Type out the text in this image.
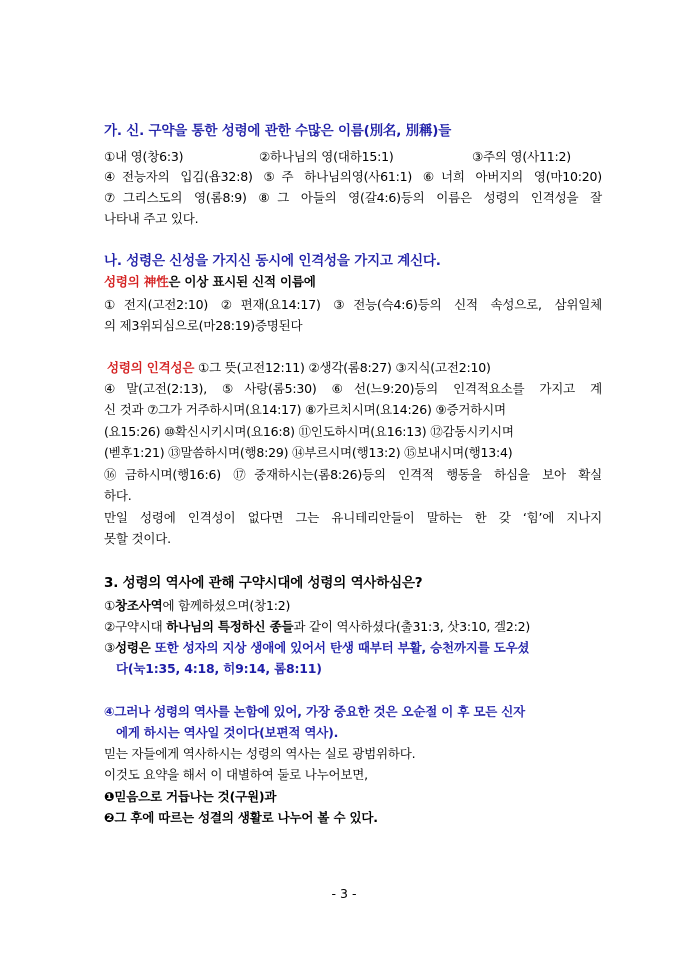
가. 신. 구약을 통한 성령에 관한 수많은 이름(別名, 別稱)들
①내 영(창6:3)	②하나님의 영(대하15:1)	③주의 영(사11:2)
④전능자의 입김(욥32:8) ⑤주 하나님의영(사61:1) ⑥너희 아버지의 영(마10:20)
⑦그리스도의 영(롬8:9) ⑧그 아들의 영(갈4:6)등의 이름은 성령의 인격성을 잘
나타내 주고 있다.
나. 성령은 신성을 가지신 동시에 인격성을 가지고 계신다.
성령의 神性은 이상 표시된 신적 이름에
①전지(고전2:10) ②편재(요14:17) ③전능(슥4:6)등의 신적 속성으로, 삼위일체
의 제3위되심으로(마28:19)증명된다
성령의 인격성은 ①그 뜻(고전12:11) ②생각(롬8:27) ③지식(고전2:10)
④말(고전(2:13), ⑤사랑(롬5:30) ⑥선(느9:20)등의 인격적요소를 가지고 계
신 것과 ⑦그가 거주하시며(요14:17) ⑧가르치시며(요14:26) ⑨증거하시며
(요15:26) ⑩확신시키시며(요16:8) ⑪인도하시며(요16:13) ⑫감동시키시며
(벧후1:21) ⑬말씀하시며(행8:29) ⑭부르시며(행13:2) ⑮보내시며(행13:4)
⑯금하시며(행16:6) ⑰중재하시는(롬8:26)등의 인격적 행동을 하심을 보아 확실
하다.
만일 성령에 인격성이 없다면 그는 유니테리안들이 말하는 한 갖 ‘힘’에 지나지
못할 것이다.
3. 성령의 역사에 관해 구약시대에 성령의 역사하심은?
①창조사역에 함께하셨으며(창1:2)
②구약시대 하나님의 특정하신 종들과 같이 역사하셨다(출31:3, 삿3:10, 겔2:2)
③성령은 또한 성자의 지상 생애에 있어서 탄생 때부터 부활, 승천까지를 도우셨
다(눅1:35, 4:18, 히9:14, 롬8:11)
④그러나 성령의 역사를 논함에 있어, 가장 중요한 것은 오순절 이 후 모든 신자
에게 하시는 역사일 것이다(보편적 역사).
믿는 자들에게 역사하시는 성령의 역사는 실로 광범위하다.
이것도 요약을 해서 이 대별하여 둘로 나누어보면,
❶믿음으로 거듭나는 것(구원)과
❷그 후에 따르는 성결의 생활로 나누어 볼 수 있다.
- 3 -
